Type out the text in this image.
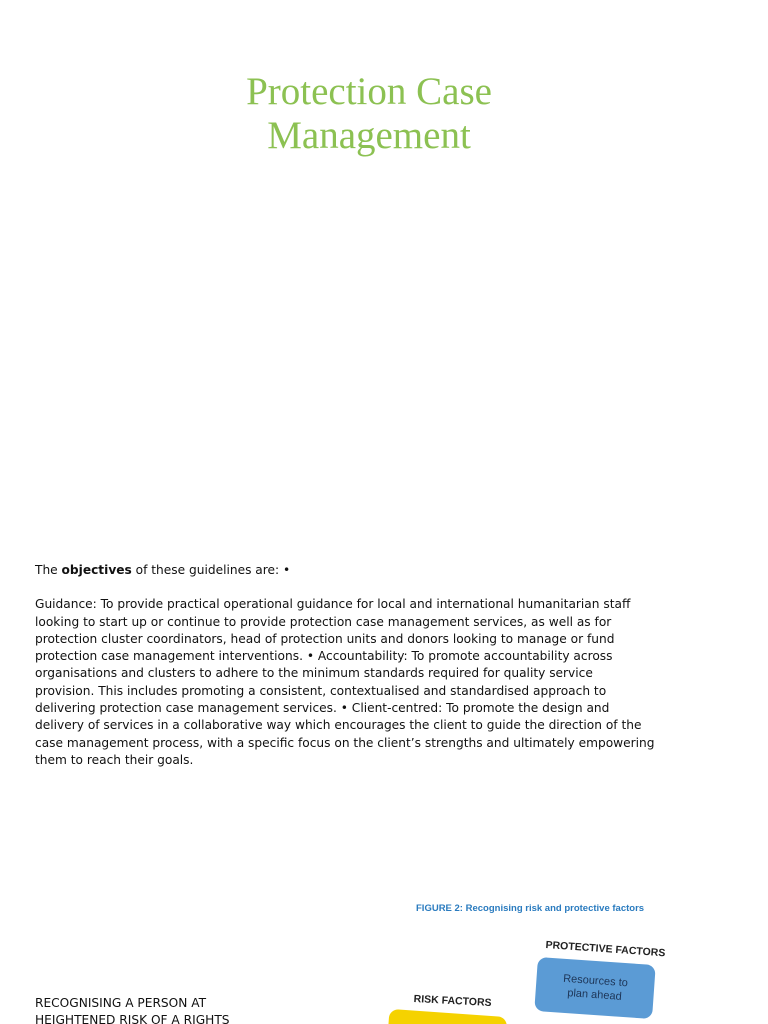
Protection Case
Management

The objectives of these guidelines are: •

Guidance: To provide practical operational guidance for local and international humanitarian staff looking to start up or continue to provide protection case management services, as well as for protection cluster coordinators, head of protection units and donors looking to manage or fund protection case management interventions. • Accountability: To promote accountability across organisations and clusters to adhere to the minimum standards required for quality service provision. This includes promoting a consistent, contextualised and standardised approach to delivering protection case management services. • Client-centred: To promote the design and delivery of services in a collaborative way which encourages the client to guide the direction of the case management process, with a specific focus on the client’s strengths and ultimately empowering them to reach their goals.

RECOGNISING A PERSON AT HEIGHTENED RISK OF A RIGHTS
FIGURE 2: Recognising risk and protective factors
PROTECTIVE FACTORS
Resources to plan ahead
RISK FACTORS
